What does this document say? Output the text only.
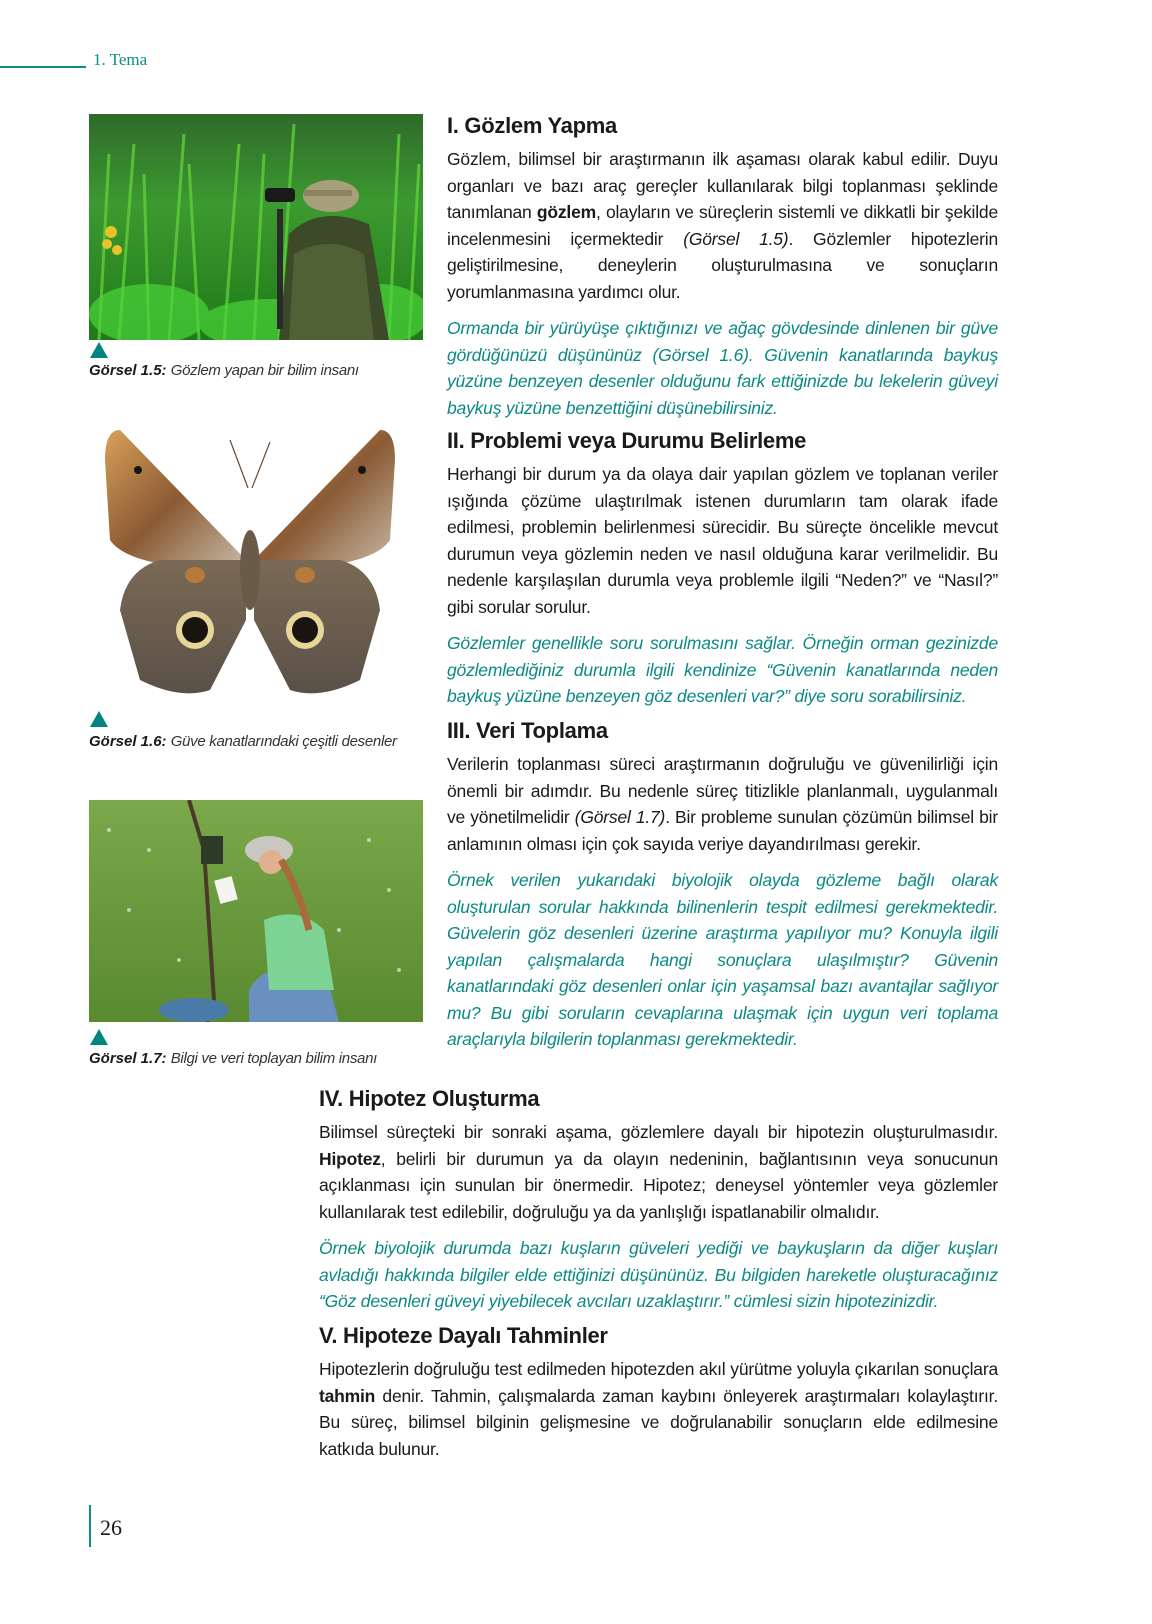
1. Tema
Görsel 1.5: Gözlem yapan bir bilim insanı
Görsel 1.6: Güve kanatlarındaki çeşitli desenler
Görsel 1.7: Bilgi ve veri toplayan bilim insanı
I. Gözlem Yapma

Gözlem, bilimsel bir araştırmanın ilk aşaması olarak kabul edilir. Duyu organları ve bazı araç gereçler kullanılarak bilgi toplanması şeklinde tanımlanan gözlem, olayların ve süreçlerin sistemli ve dikkatli bir şekilde incelenmesini içermektedir (Görsel 1.5). Gözlemler hipotezlerin geliştirilmesine, deneylerin oluşturulmasına ve sonuçların yorumlanmasına yardımcı olur.

Ormanda bir yürüyüşe çıktığınızı ve ağaç gövdesinde dinlenen bir güve gördüğünüzü düşününüz (Görsel 1.6). Güvenin kanatlarında baykuş yüzüne benzeyen desenler olduğunu fark ettiğinizde bu lekelerin güveyi baykuş yüzüne benzettiğini düşünebilirsiniz.

II. Problemi veya Durumu Belirleme

Herhangi bir durum ya da olaya dair yapılan gözlem ve toplanan veriler ışığında çözüme ulaştırılmak istenen durumların tam olarak ifade edilmesi, problemin belirlenmesi sürecidir. Bu süreçte öncelikle mevcut durumun veya gözlemin neden ve nasıl olduğuna karar verilmelidir. Bu nedenle karşılaşılan durumla veya problemle ilgili “Neden?” ve “Nasıl?” gibi sorular sorulur.

Gözlemler genellikle soru sorulmasını sağlar. Örneğin orman gezinizde gözlemlediğiniz durumla ilgili kendinize “Güvenin kanatlarında neden baykuş yüzüne benzeyen göz desenleri var?” diye soru sorabilirsiniz.

III. Veri Toplama

Verilerin toplanması süreci araştırmanın doğruluğu ve güvenilirliği için önemli bir adımdır. Bu nedenle süreç titizlikle planlanmalı, uygulanmalı ve yönetilmelidir (Görsel 1.7). Bir probleme sunulan çözümün bilimsel bir anlamının olması için çok sayıda veriye dayandırılması gerekir.

Örnek verilen yukarıdaki biyolojik olayda gözleme bağlı olarak oluşturulan sorular hakkında bilinenlerin tespit edilmesi gerekmektedir. Güvelerin göz desenleri üzerine araştırma yapılıyor mu? Konuyla ilgili yapılan çalışmalarda hangi sonuçlara ulaşılmıştır? Güvenin kanatlarındaki göz desenleri onlar için yaşamsal bazı avantajlar sağlıyor mu? Bu gibi soruların cevaplarına ulaşmak için uygun veri toplama araçlarıyla bilgilerin toplanması gerekmektedir.

IV. Hipotez Oluşturma

Bilimsel süreçteki bir sonraki aşama, gözlemlere dayalı bir hipotezin oluşturulmasıdır. Hipotez, belirli bir durumun ya da olayın nedeninin, bağlantısının veya sonucunun açıklanması için sunulan bir önermedir. Hipotez; deneysel yöntemler veya gözlemler kullanılarak test edilebilir, doğruluğu ya da yanlışlığı ispatlanabilir olmalıdır.

Örnek biyolojik durumda bazı kuşların güveleri yediği ve baykuşların da diğer kuşları avladığı hakkında bilgiler elde ettiğinizi düşününüz. Bu bilgiden hareketle oluşturacağınız “Göz desenleri güveyi yiyebilecek avcıları uzaklaştırır.” cümlesi sizin hipotezinizdir.

V. Hipoteze Dayalı Tahminler

Hipotezlerin doğruluğu test edilmeden hipotezden akıl yürütme yoluyla çıkarılan sonuçlara tahmin denir. Tahmin, çalışmalarda zaman kaybını önleyerek araştırmaları kolaylaştırır. Bu süreç, bilimsel bilginin gelişmesine ve doğrulanabilir sonuçların elde edilmesine katkıda bulunur.

26
